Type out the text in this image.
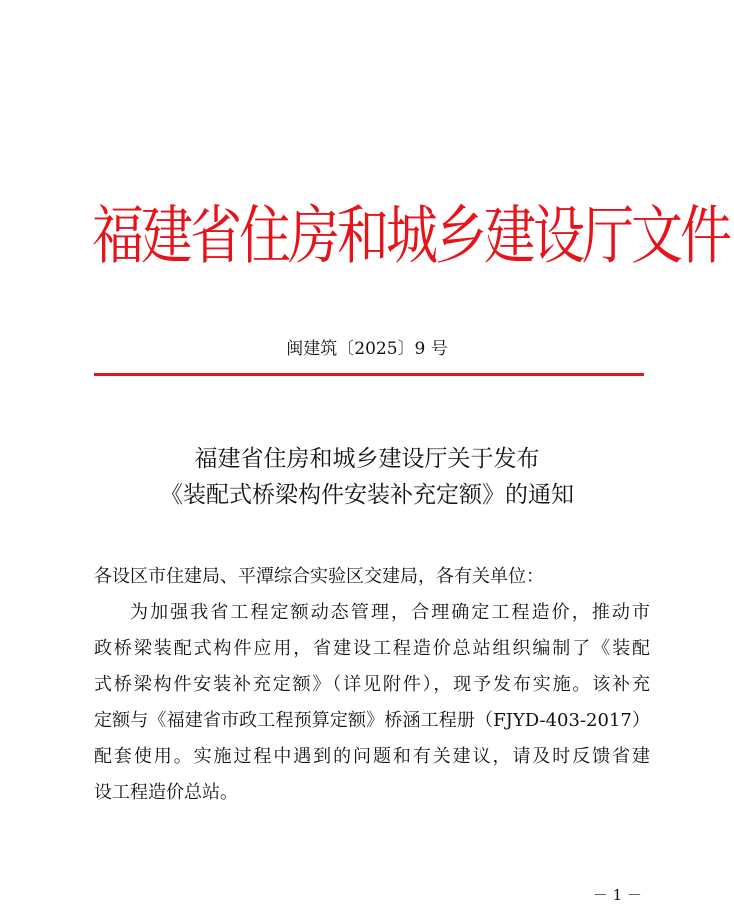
福建省住房和城乡建设厅文件
闽建筑〔2025〕9 号
福建省住房和城乡建设厅关于发布
《装配式桥梁构件安装补充定额》的通知
各设区市住建局、平潭综合实验区交建局，各有关单位：
为加强我省工程定额动态管理，合理确定工程造价，推动市
政桥梁装配式构件应用，省建设工程造价总站组织编制了《装配
式桥梁构件安装补充定额》（详见附件），现予发布实施。该补充
定额与《福建省市政工程预算定额》桥涵工程册（FJYD-403-2017）
配套使用。实施过程中遇到的问题和有关建议，请及时反馈省建
设工程造价总站。
－ 1 －
